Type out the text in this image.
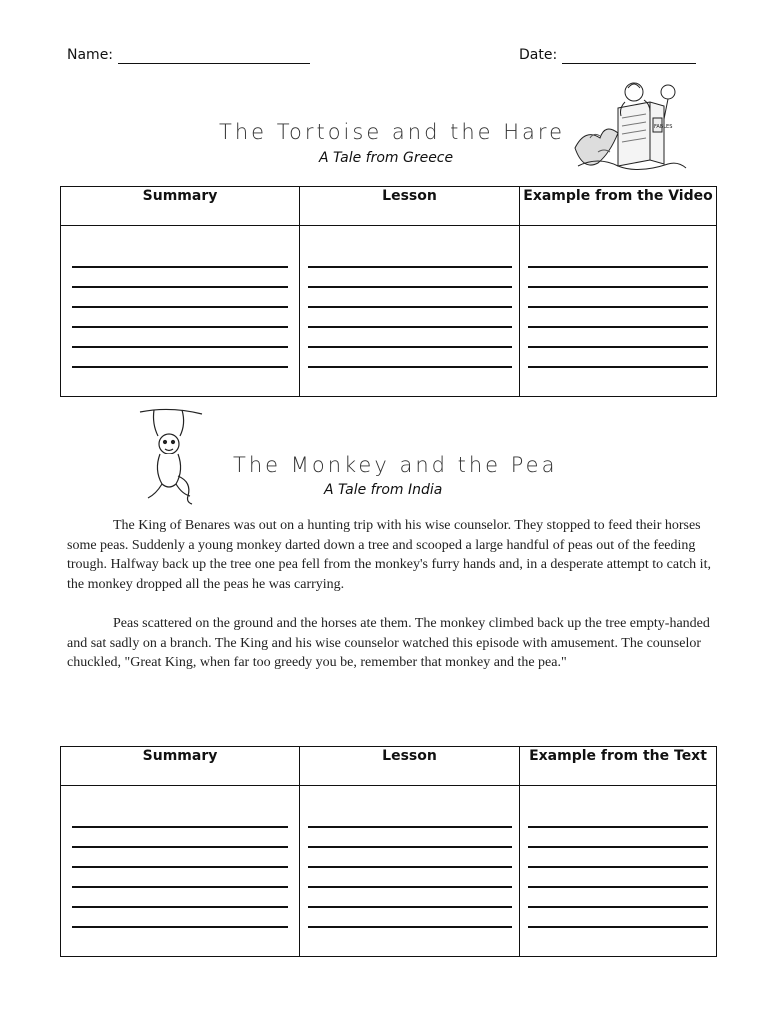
Name:	Date:
The Tortoise and the Hare
A Tale from Greece
FABLES
Summary	Lesson	Example from the Video

The Monkey and the Pea
A Tale from India

The King of Benares was out on a hunting trip with his wise counselor. They stopped to feed their horses some peas. Suddenly a young monkey darted down a tree and scooped a large handful of peas out of the feeding trough. Halfway back up the tree one pea fell from the monkey's furry hands and, in a desperate attempt to catch it, the monkey dropped all the peas he was carrying.

Peas scattered on the ground and the horses ate them. The monkey climbed back up the tree empty-handed and sat sadly on a branch. The King and his wise counselor watched this episode with amusement. The counselor chuckled, "Great King, when far too greedy you be, remember that monkey and the pea."

Summary	Lesson	Example from the Text
